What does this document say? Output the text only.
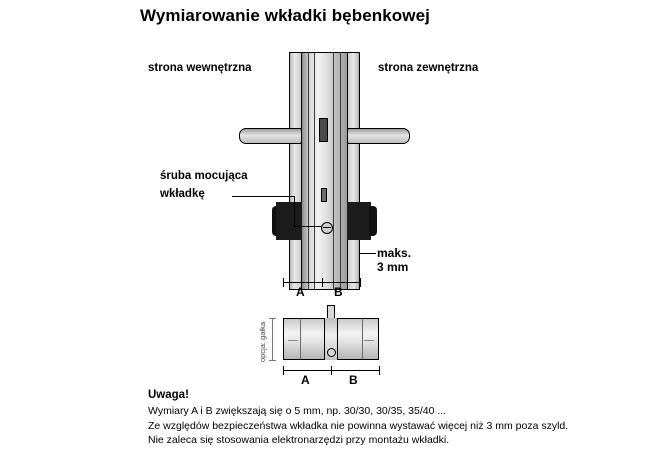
Wymiarowanie wkładki bębenkowej
strona wewnętrzna	strona zewnętrzna
śruba mocująca
wkładkę
maks.
3 mm
A B
opcja: gałka
A	B
Uwaga!
Wymiary A i B zwiększają się o 5 mm, np. 30/30, 30/35, 35/40 ...
Ze względów bezpieczeństwa wkładka nie powinna wystawać więcej niż 3 mm poza szyld.
Nie zaleca się stosowania elektronarzędzi przy montażu wkładki.
